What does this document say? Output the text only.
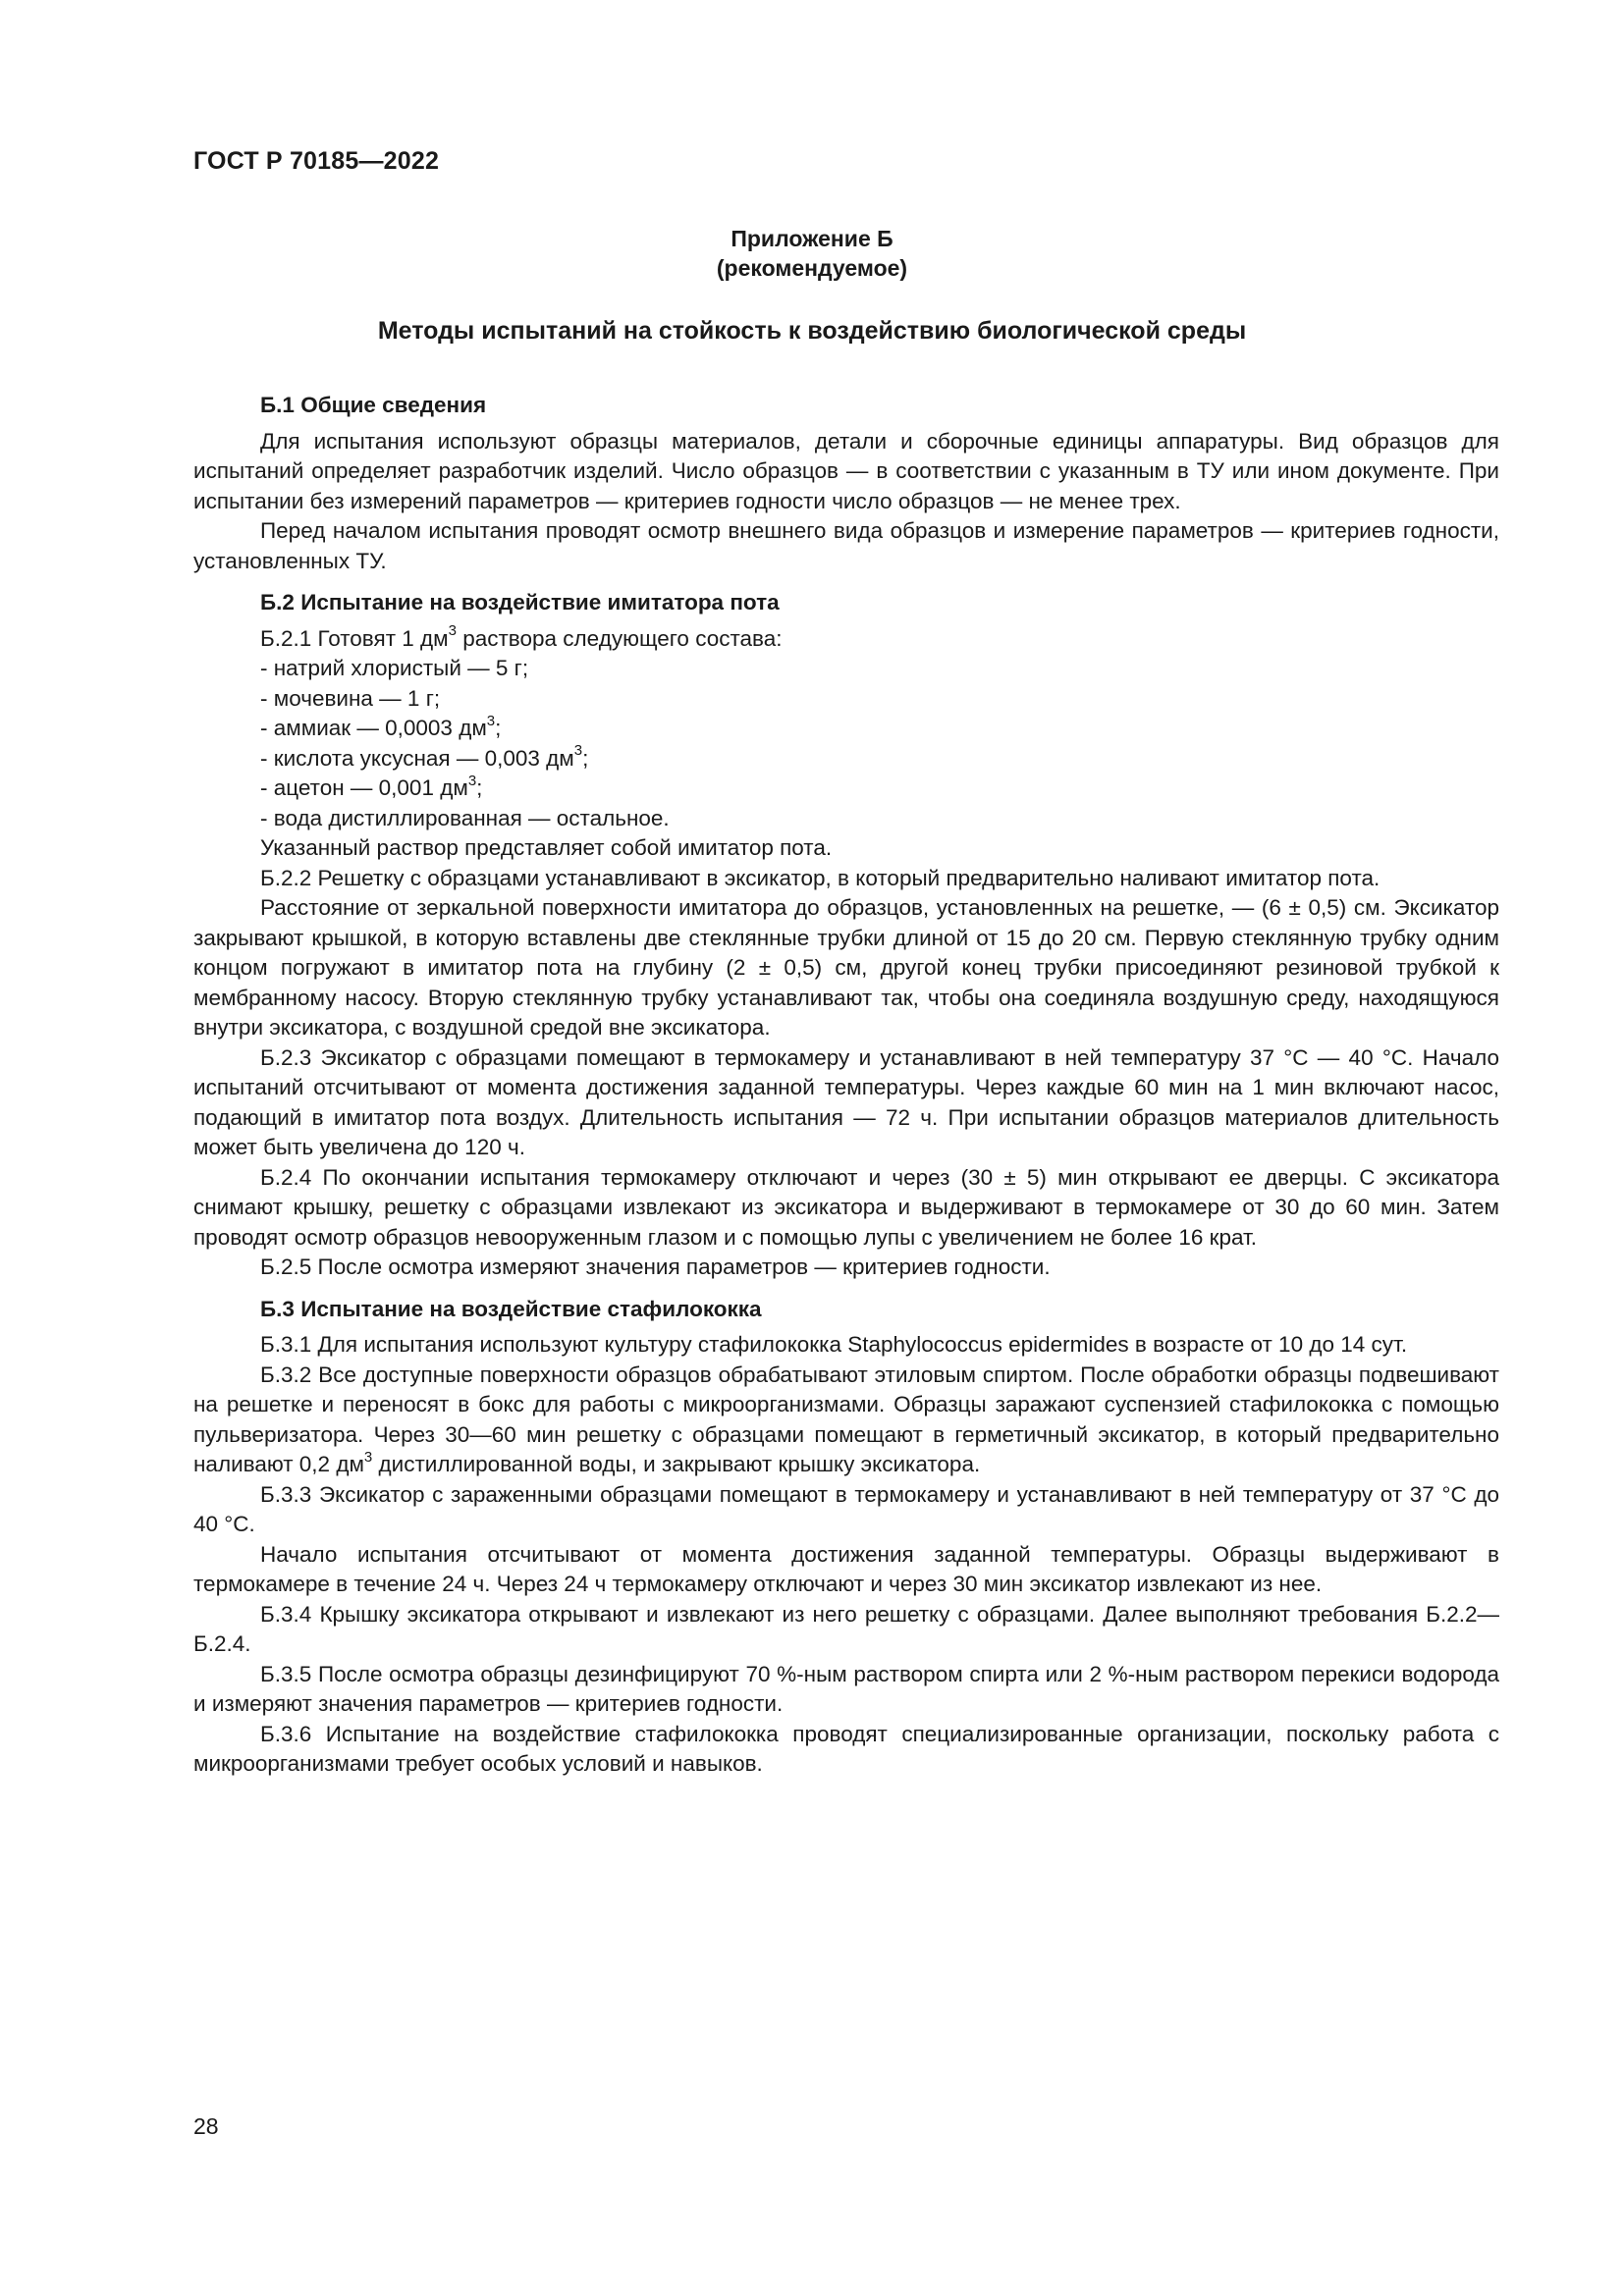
ГОСТ Р 70185—2022
Приложение Б
(рекомендуемое)
Методы испытаний на стойкость к воздействию биологической среды

Б.1 Общие сведения

Для испытания используют образцы материалов, детали и сборочные единицы аппаратуры. Вид образцов для испытаний определяет разработчик изделий. Число образцов — в соответствии с указанным в ТУ или ином документе. При испытании без измерений параметров — критериев годности число образцов — не менее трех.

Перед началом испытания проводят осмотр внешнего вида образцов и измерение параметров — критериев годности, установленных ТУ.

Б.2 Испытание на воздействие имитатора пота

Б.2.1 Готовят 1 $дм^3$ раствора следующего состава:

- натрий хлористый — 5 г;

- мочевина — 1 г;

- аммиак — 0,0003 $дм^3$;

- кислота уксусная — 0,003 $дм^3$;

- ацетон — 0,001 $дм^3$;

- вода дистиллированная — остальное.

Указанный раствор представляет собой имитатор пота.

Б.2.2 Решетку с образцами устанавливают в эксикатор, в который предварительно наливают имитатор пота.

Расстояние от зеркальной поверхности имитатора до образцов, установленных на решетке, — (6 ± 0,5) см. Эксикатор закрывают крышкой, в которую вставлены две стеклянные трубки длиной от 15 до 20 см. Первую стеклянную трубку одним концом погружают в имитатор пота на глубину (2 ± 0,5) см, другой конец трубки присоединяют резиновой трубкой к мембранному насосу. Вторую стеклянную трубку устанавливают так, чтобы она соединяла воздушную среду, находящуюся внутри эксикатора, с воздушной средой вне эксикатора.

Б.2.3 Эксикатор с образцами помещают в термокамеру и устанавливают в ней температуру 37 °C — 40 °C. Начало испытаний отсчитывают от момента достижения заданной температуры. Через каждые 60 мин на 1 мин включают насос, подающий в имитатор пота воздух. Длительность испытания — 72 ч. При испытании образцов материалов длительность может быть увеличена до 120 ч.

Б.2.4 По окончании испытания термокамеру отключают и через (30 ± 5) мин открывают ее дверцы. С эксикатора снимают крышку, решетку с образцами извлекают из эксикатора и выдерживают в термокамере от 30 до 60 мин. Затем проводят осмотр образцов невооруженным глазом и с помощью лупы с увеличением не более 16 крат.

Б.2.5 После осмотра измеряют значения параметров — критериев годности.

Б.3 Испытание на воздействие стафилококка

Б.3.1 Для испытания используют культуру стафилококка Staphylococcus epidermides в возрасте от 10 до 14 сут.

Б.3.2 Все доступные поверхности образцов обрабатывают этиловым спиртом. После обработки образцы подвешивают на решетке и переносят в бокс для работы с микроорганизмами. Образцы заражают суспензией стафилококка с помощью пульверизатора. Через 30—60 мин решетку с образцами помещают в герметичный эксикатор, в который предварительно наливают 0,2 $дм^3$ дистиллированной воды, и закрывают крышку эксикатора.

Б.3.3 Эксикатор с зараженными образцами помещают в термокамеру и устанавливают в ней температуру от 37 °C до 40 °C.

Начало испытания отсчитывают от момента достижения заданной температуры. Образцы выдерживают в термокамере в течение 24 ч. Через 24 ч термокамеру отключают и через 30 мин эксикатор извлекают из нее.

Б.3.4 Крышку эксикатора открывают и извлекают из него решетку с образцами. Далее выполняют требования Б.2.2—Б.2.4.

Б.3.5 После осмотра образцы дезинфицируют 70 %-ным раствором спирта или 2 %-ным раствором перекиси водорода и измеряют значения параметров — критериев годности.

Б.3.6 Испытание на воздействие стафилококка проводят специализированные организации, поскольку работа с микроорганизмами требует особых условий и навыков.

28
